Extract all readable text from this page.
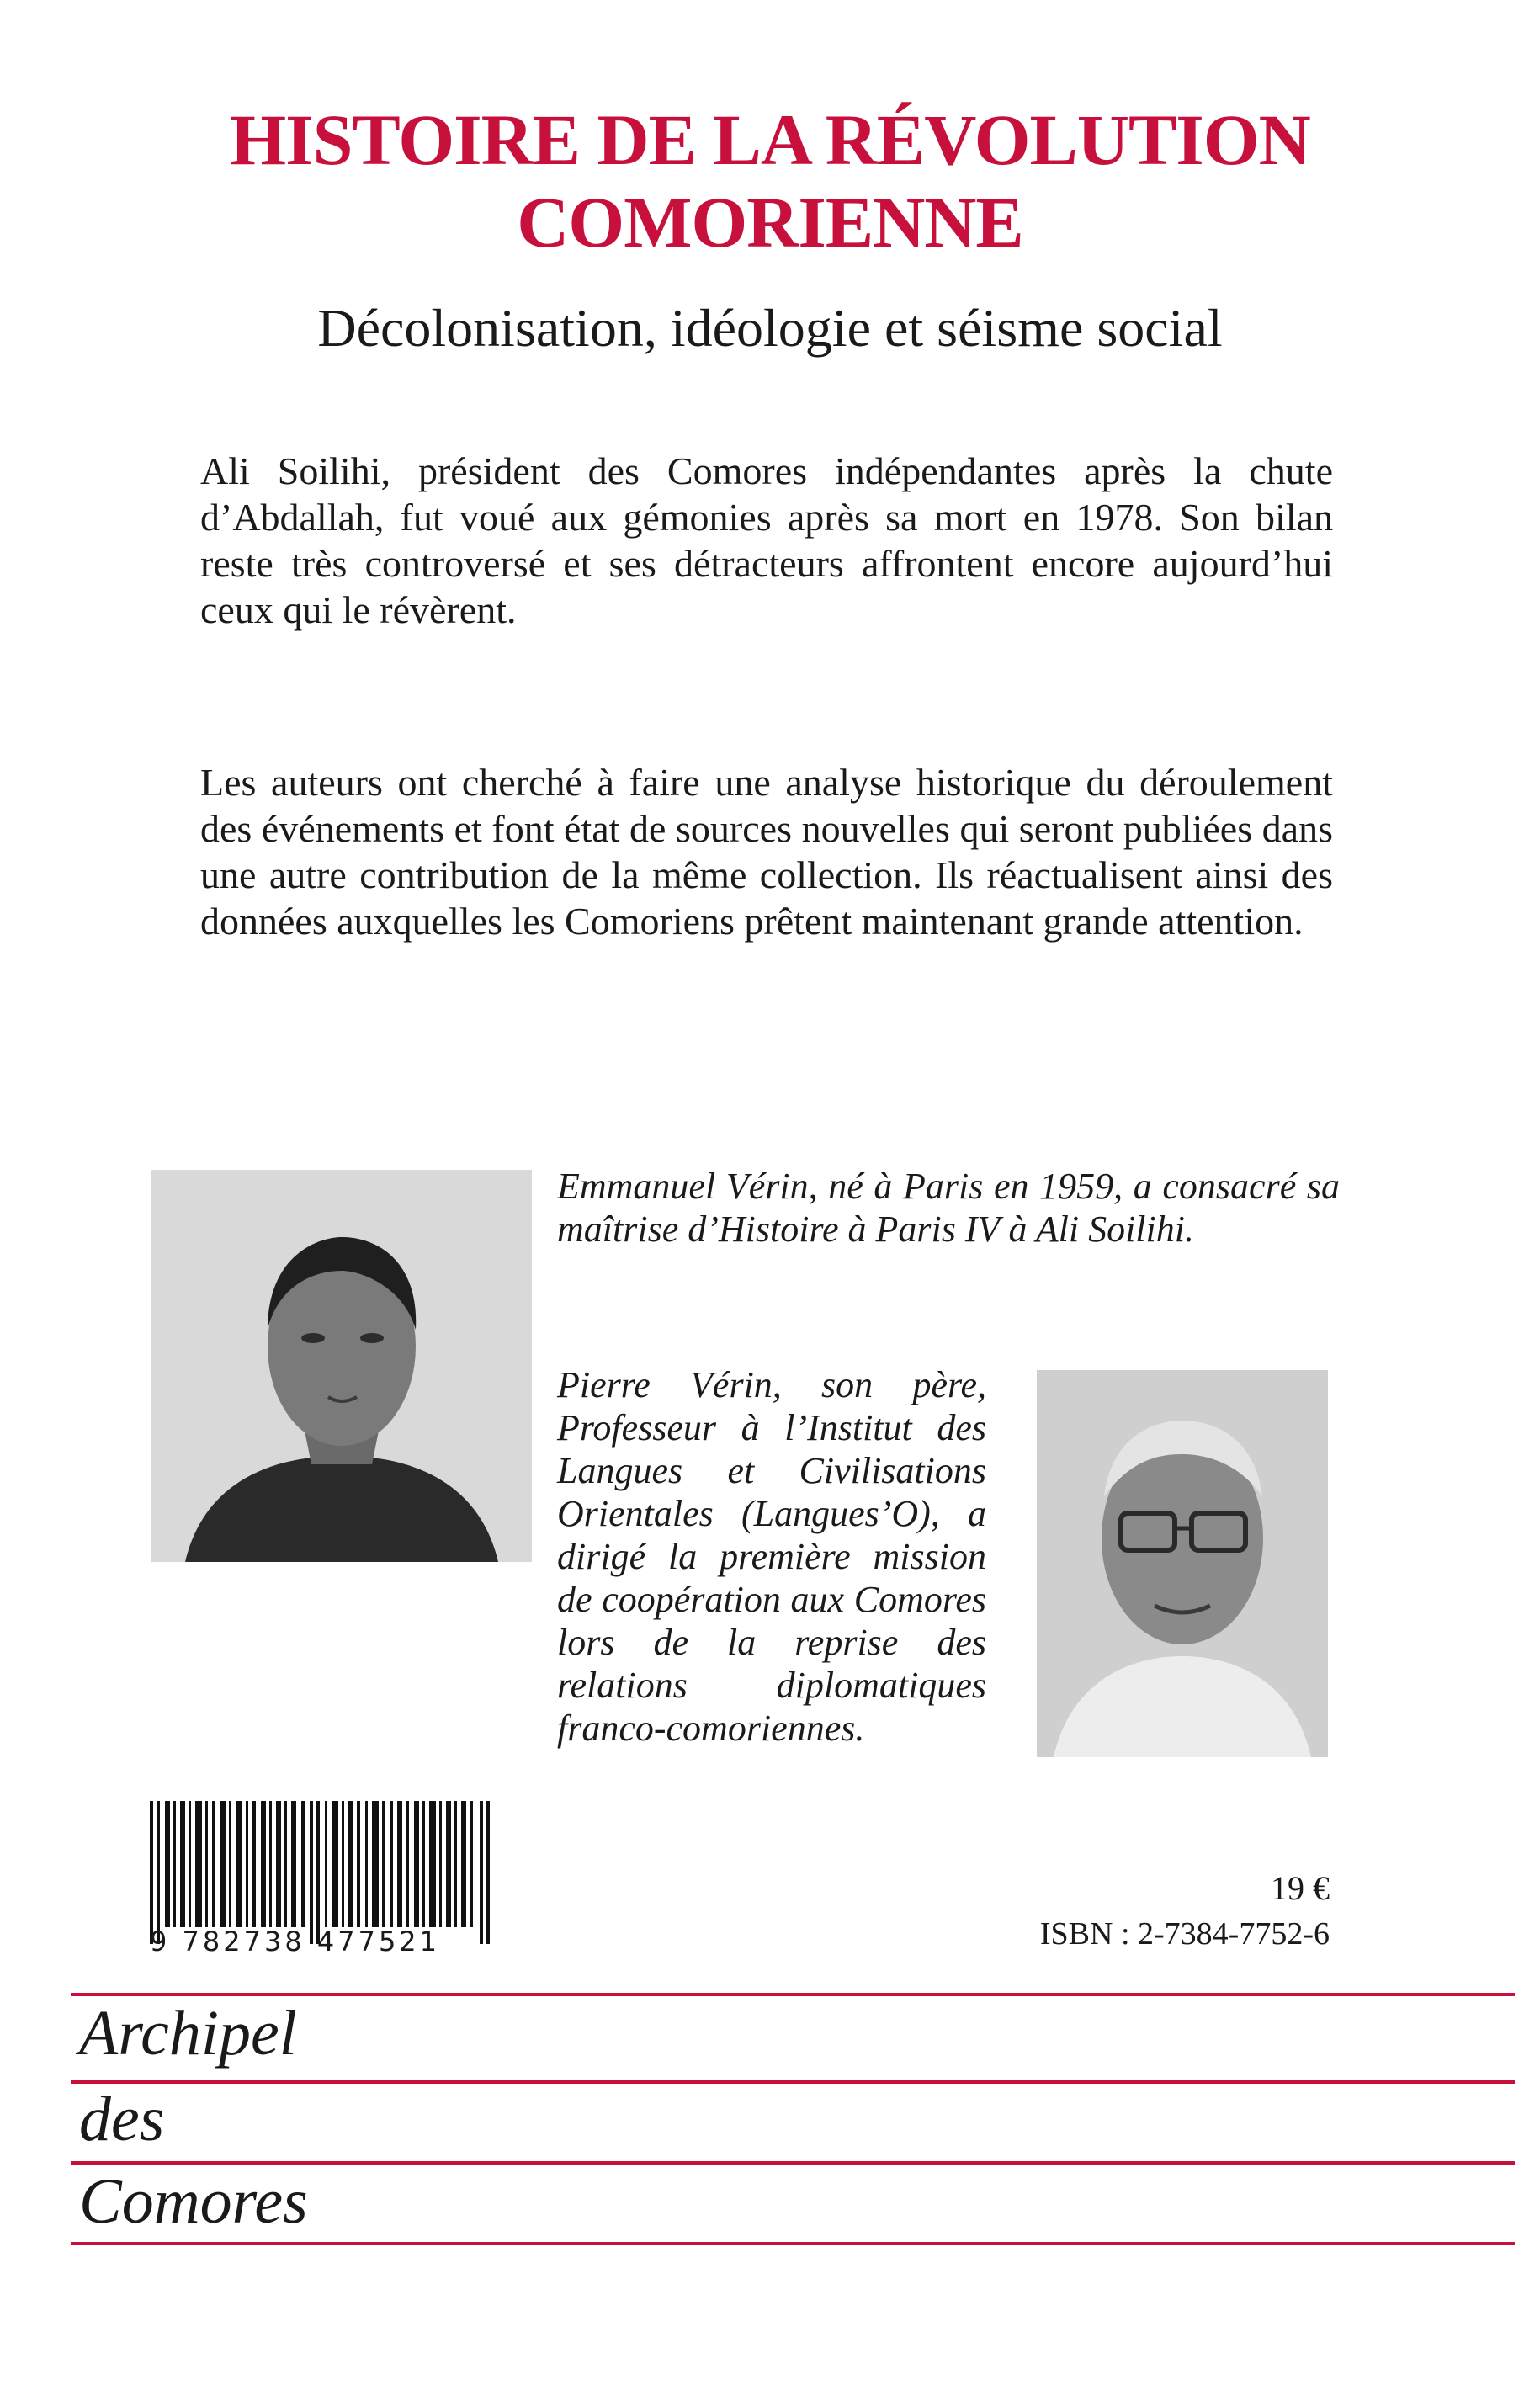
HISTOIRE DE LA RÉVOLUTION
COMORIENNE
Décolonisation, idéologie et séisme social

Ali Soilihi, président des Comores indépendantes après la chute d’Abdallah, fut voué aux gémonies après sa mort en 1978. Son bilan reste très controversé et ses détracteurs affrontent encore aujourd’hui ceux qui le révèrent.

Les auteurs ont cherché à faire une analyse historique du déroulement des événements et font état de sources nouvelles qui seront publiées dans une autre contribution de la même collection. Ils réactualisent ainsi des données auxquelles les Comoriens prêtent maintenant grande attention.

Emmanuel Vérin, né à Paris en 1959, a consacré sa maîtrise d’Histoire à Paris IV à Ali Soilihi.

Pierre Vérin, son père, Professeur à l’Institut des Langues et Civilisations Orientales (Langues’O), a dirigé la première mission de coopération aux Comores lors de la reprise des relations diplomatiques franco-comoriennes.

9 782738 477521
19 €
ISBN : 2-7384-7752-6
Archipel
des
Comores
